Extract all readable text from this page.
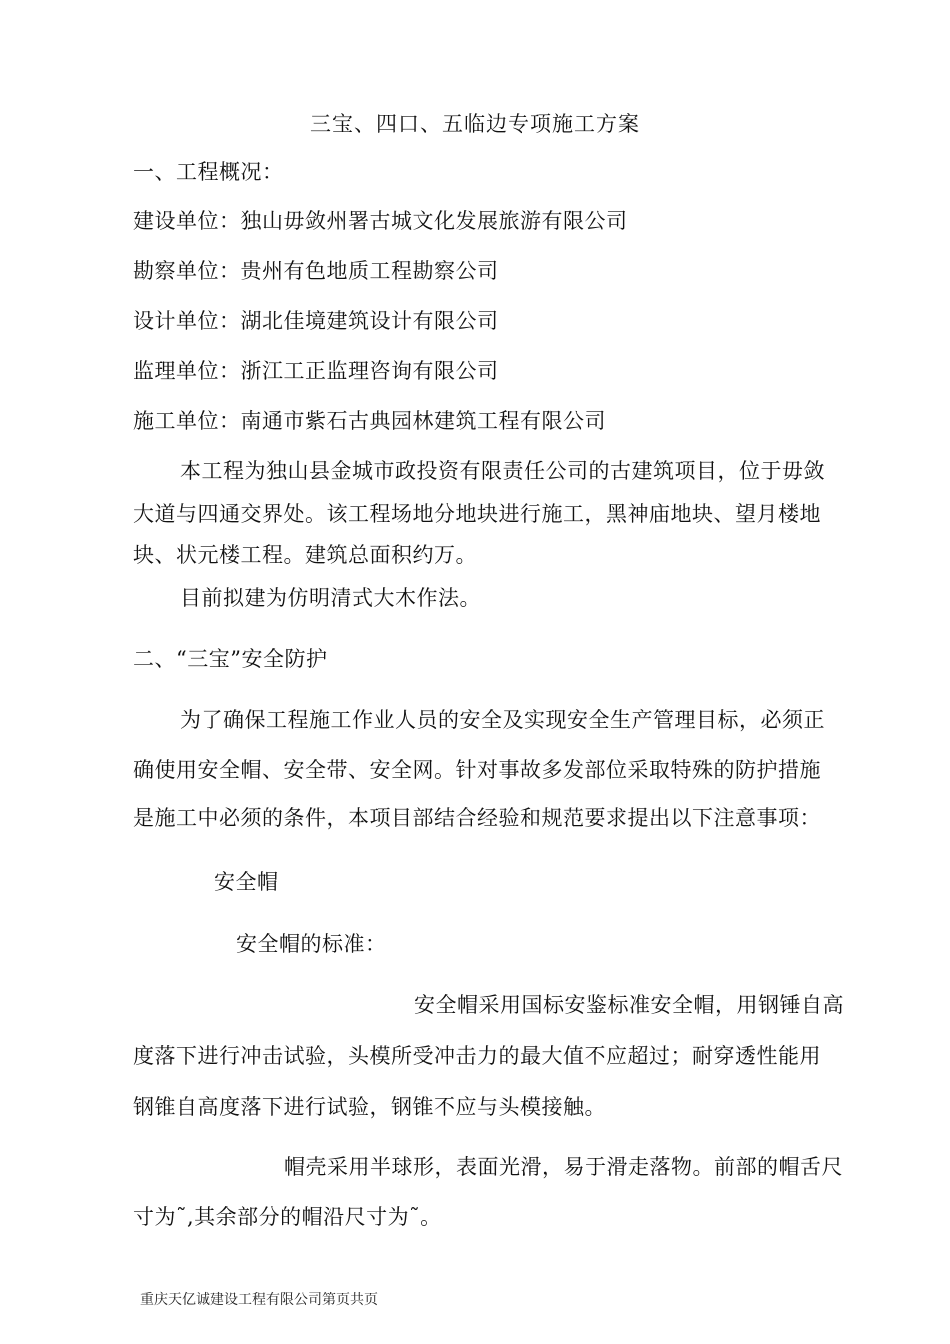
三宝、四口、五临边专项施工方案
一、工程概况：
建设单位：独山毋敛州署古城文化发展旅游有限公司
勘察单位：贵州有色地质工程勘察公司
设计单位：湖北佳境建筑设计有限公司
监理单位：浙江工正监理咨询有限公司
施工单位：南通市紫石古典园林建筑工程有限公司
本工程为独山县金城市政投资有限责任公司的古建筑项目，位于毋敛
大道与四通交界处。该工程场地分地块进行施工，黑神庙地块、望月楼地
块、状元楼工程。建筑总面积约万。
目前拟建为仿明清式大木作法。
二、“三宝”安全防护
为了确保工程施工作业人员的安全及实现安全生产管理目标，必须正
确使用安全帽、安全带、安全网。针对事故多发部位采取特殊的防护措施
是施工中必须的条件，本项目部结合经验和规范要求提出以下注意事项：
安全帽
安全帽的标准：
安全帽采用国标安鉴标准安全帽，用钢锤自高
度落下进行冲击试验，头模所受冲击力的最大值不应超过；耐穿透性能用
钢锥自高度落下进行试验，钢锥不应与头模接触。
帽壳采用半球形，表面光滑，易于滑走落物。前部的帽舌尺
寸为˜,其余部分的帽沿尺寸为˜。
重庆天亿诚建设工程有限公司第页共页
